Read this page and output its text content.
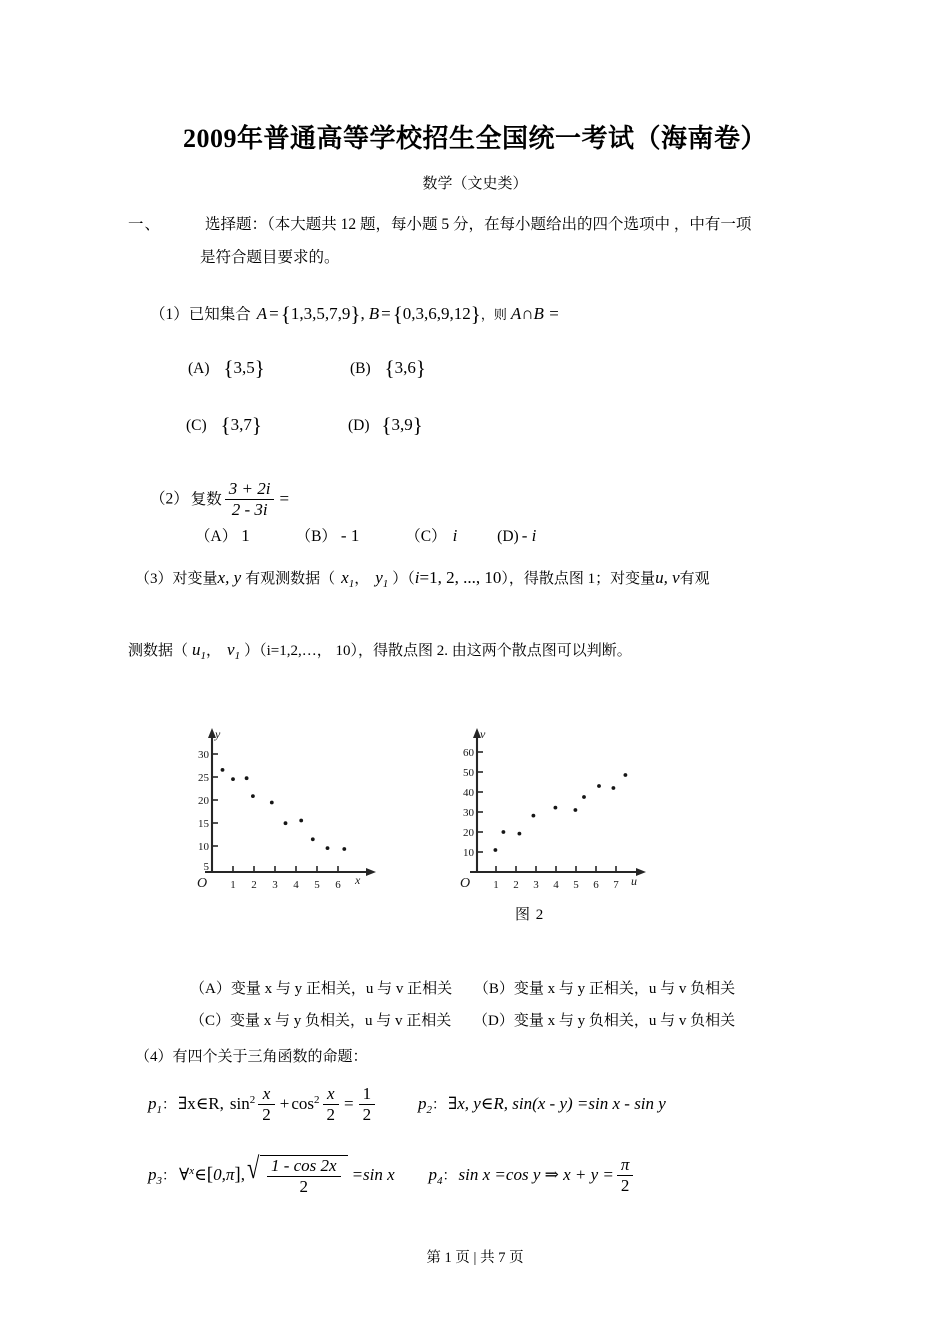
2009年普通高等学校招生全国统一考试（海南卷）
数学（文史类）
一、	选择题：（本大题共 12 题，每小题 5 分，在每小题给出的四个选项中 ，中有一项
是符合题目要求的。
（1）已知集合 A ={1,3,5,7,9}, B ={0,3,6,9,12}，则 A∩B =
(A) {3,5}	(B) {3,6}
(C) {3,7}	(D) {3,9}
（2） 复数 $\frac{3 + 2i}{2 - 3i}$ =
（A） 1	（B） - 1	（C） i	(D) - i
（3）对变量x, y 有观测数据（ $x_1$， $y_1$ ）（i=1, 2, ..., 10），得散点图 1；对变量u, v有观
测数据（ $u_1$， $v_1$ ）（i=1,2,…， 10），得散点图 2. 由这两个散点图可以判断。
30
25
20
15
10
5
1 2 3 4 5 6
O
y
x
60
50
40
30
20
10
1 2 3 4 5 6 7
O
v
u
图 2
（A）变量 x 与 y 正相关，u 与 v 正相关 （B）变量 x 与 y 正相关，u 与 v 负相关
（C）变量 x 与 y 负相关，u 与 v 正相关 （D）变量 x 与 y 负相关，u 与 v 负相关
（4）有四个关于三角函数的命题：
$p_1$： ∃x∈R, $\sin^2 \frac{x}{2} + \cos^2 \frac{x}{2} = \frac{1}{2}$	$p_2$： ∃x, y∈R, sin(x - y) =sin x - sin y
$p_3$： ∀$^x$∈[0,π], √ $\frac{1 - \cos 2x}{2} =\sin$ x $p_4$： sin x =cos y ⇒ $x + y = \frac{\pi}{2}$
第 1 页 | 共 7 页
